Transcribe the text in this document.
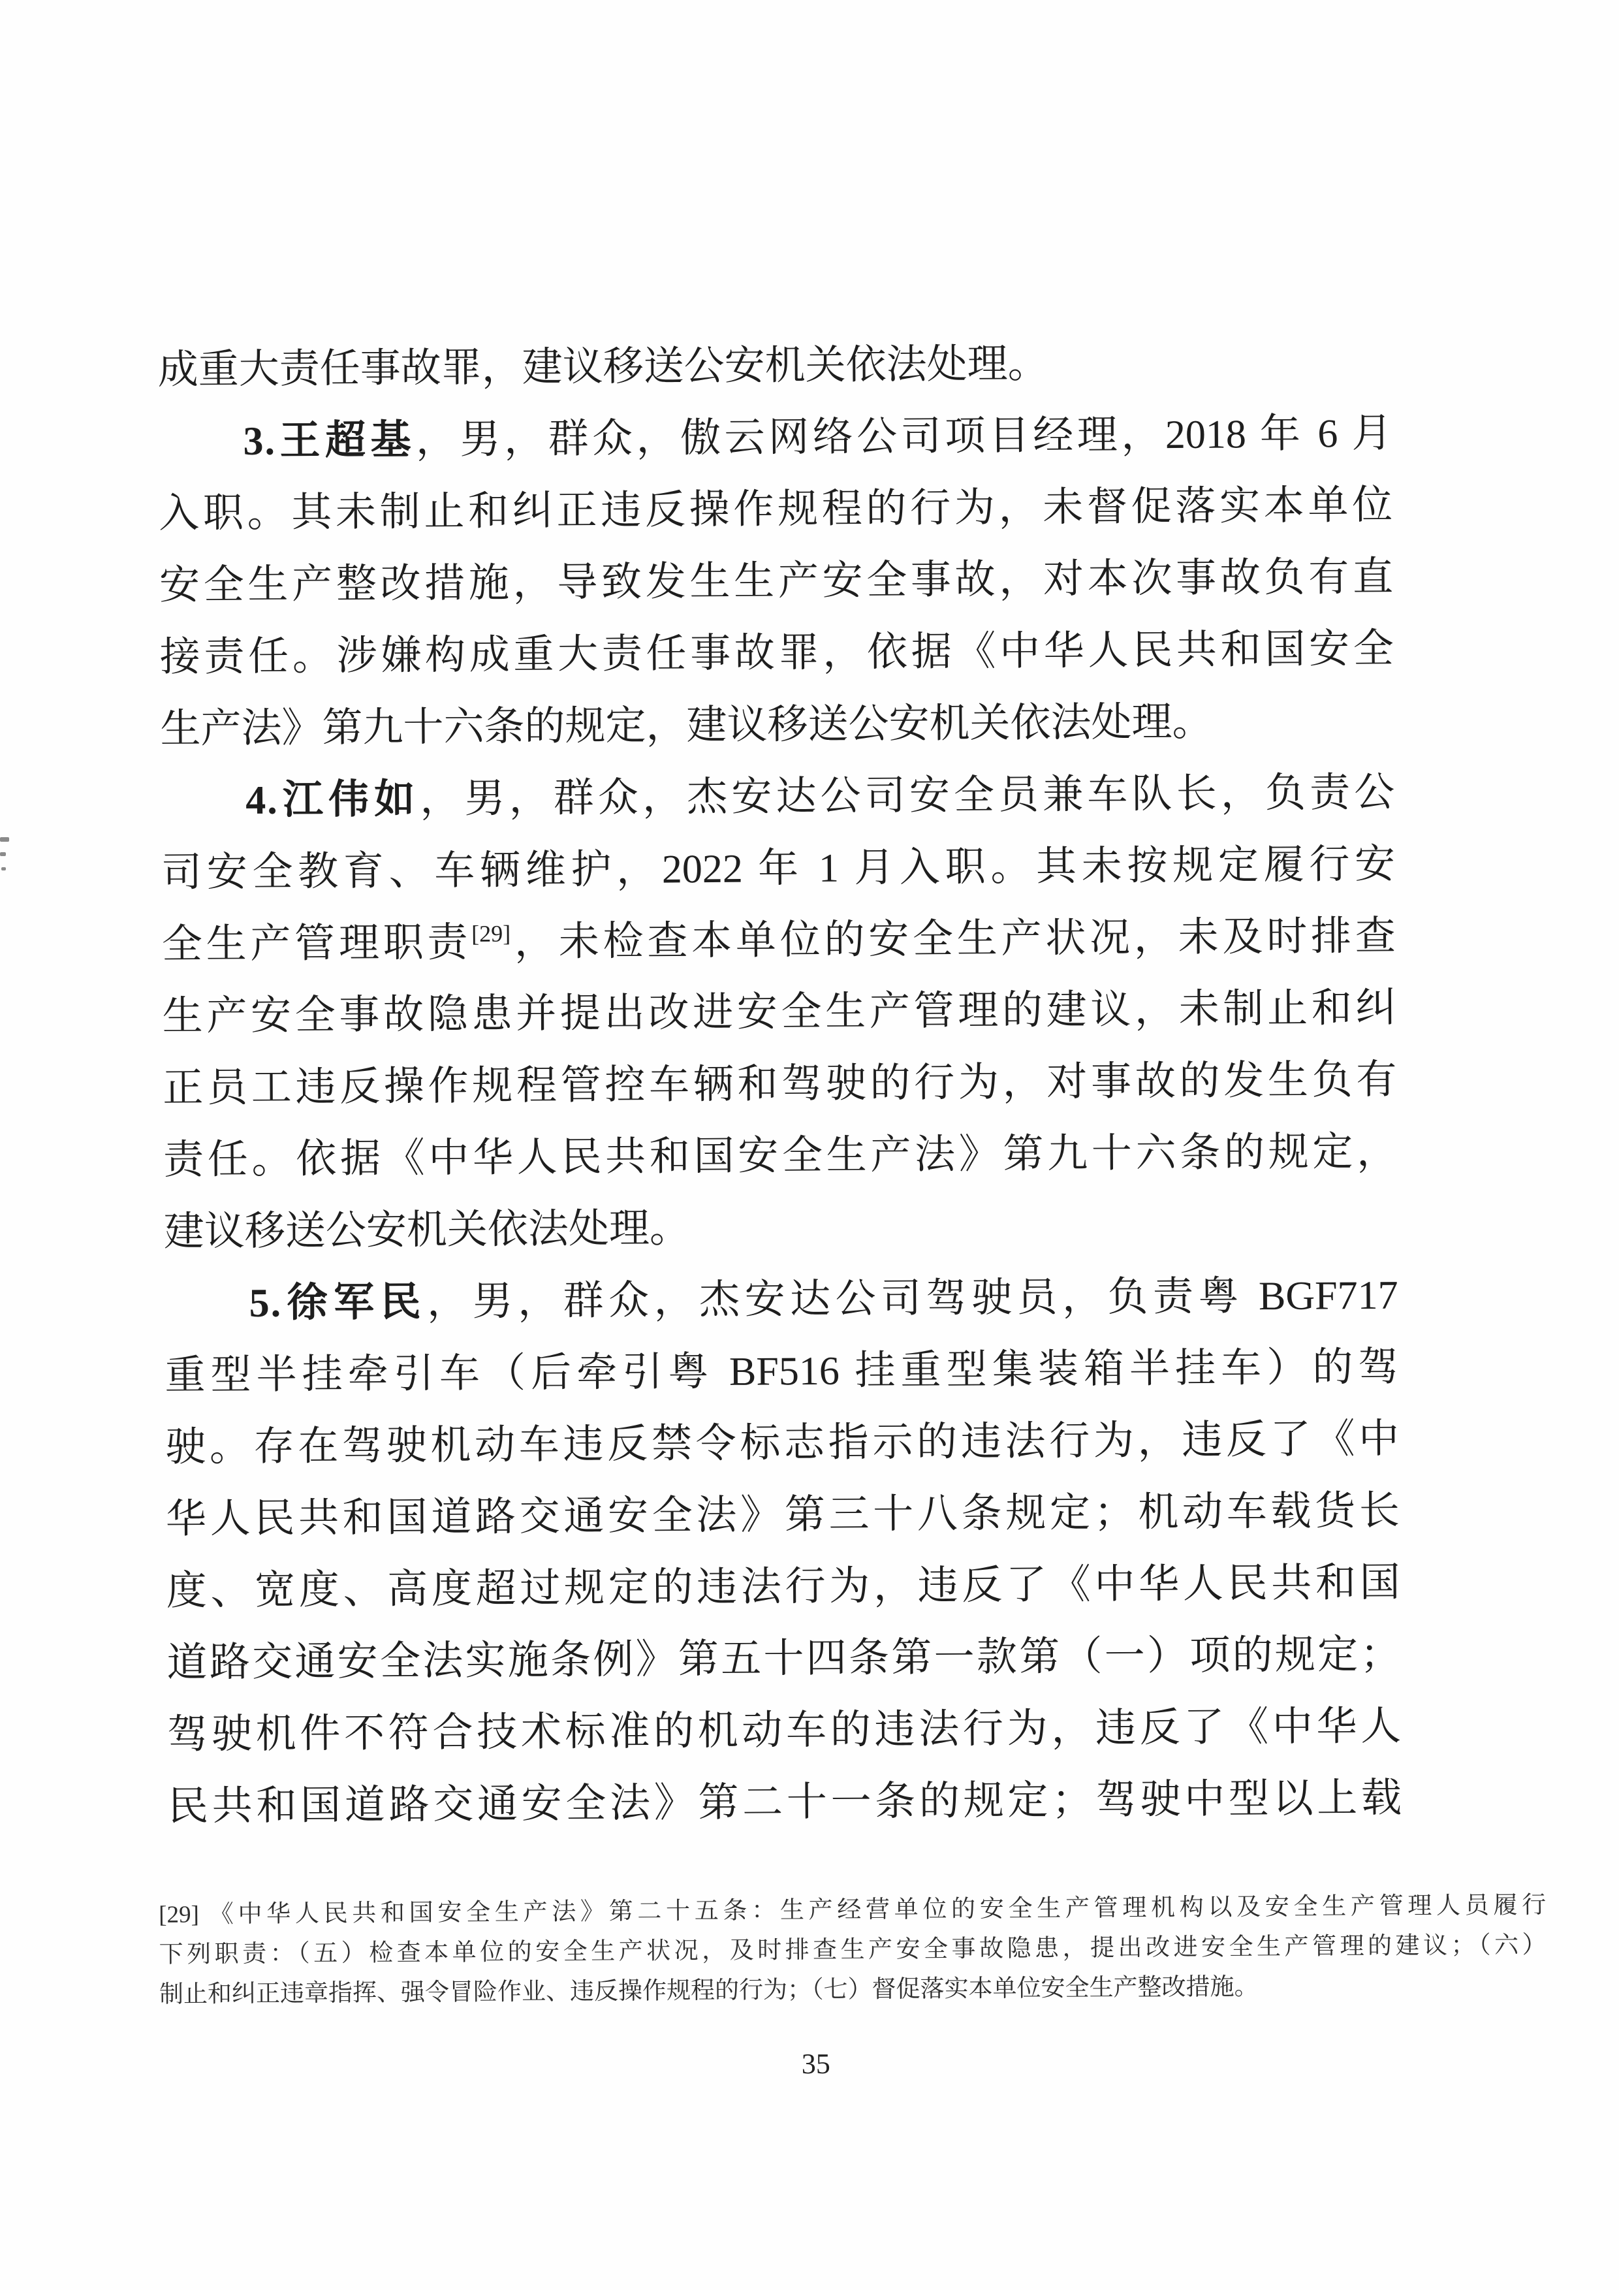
成重大责任事故罪，建议移送公安机关依法处理。
3.王超基，男，群众，傲云网络公司项目经理，2018 年 6 月
入职。其未制止和纠正违反操作规程的行为，未督促落实本单位
安全生产整改措施，导致发生生产安全事故，对本次事故负有直
接责任。涉嫌构成重大责任事故罪，依据《中华人民共和国安全
生产法》第九十六条的规定，建议移送公安机关依法处理。
4.江伟如，男，群众，杰安达公司安全员兼车队长，负责公
司安全教育、车辆维护，2022 年 1 月入职。其未按规定履行安
全生产管理职责[29]，未检查本单位的安全生产状况，未及时排查
生产安全事故隐患并提出改进安全生产管理的建议，未制止和纠
正员工违反操作规程管控车辆和驾驶的行为，对事故的发生负有
责任。依据《中华人民共和国安全生产法》第九十六条的规定，
建议移送公安机关依法处理。
5.徐军民，男，群众，杰安达公司驾驶员，负责粤 BGF717
重型半挂牵引车（后牵引粤 BF516 挂重型集装箱半挂车）的驾
驶。存在驾驶机动车违反禁令标志指示的违法行为，违反了《中
华人民共和国道路交通安全法》第三十八条规定；机动车载货长
度、宽度、高度超过规定的违法行为，违反了《中华人民共和国
道路交通安全法实施条例》第五十四条第一款第（一）项的规定；
驾驶机件不符合技术标准的机动车的违法行为，违反了《中华人
民共和国道路交通安全法》第二十一条的规定；驾驶中型以上载
[29] 《中华人民共和国安全生产法》第二十五条：生产经营单位的安全生产管理机构以及安全生产管理人员履行
下列职责：（五）检查本单位的安全生产状况，及时排查生产安全事故隐患，提出改进安全生产管理的建议；（六）
制止和纠正违章指挥、强令冒险作业、违反操作规程的行为；（七）督促落实本单位安全生产整改措施。
35
